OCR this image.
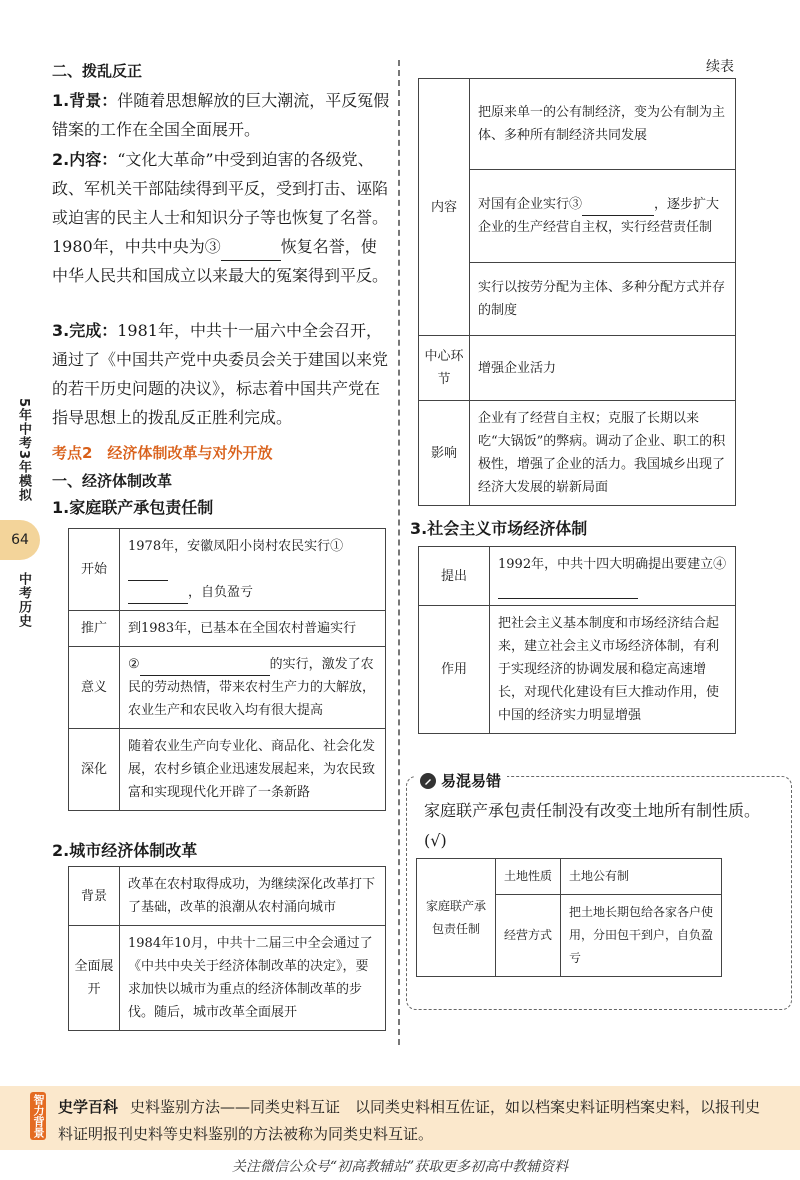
二、拨乱反正
1.背景：伴随着思想解放的巨大潮流，平反冤假错案的工作在全国全面展开。
2.内容：“文化大革命”中受到迫害的各级党、政、军机关干部陆续得到平反，受到打击、诬陷或迫害的民主人士和知识分子等也恢复了名誉。1980年，中共中央为③	恢复名誉，使中华人民共和国成立以来最大的冤案得到平反。
3.完成：1981年，中共十一届六中全会召开，通过了《中国共产党中央委员会关于建国以来党的若干历史问题的决议》，标志着中国共产党在指导思想上的拨乱反正胜利完成。
考点2　经济体制改革与对外开放
一、经济体制改革
1.家庭联产承包责任制
开始	1978年，安徽凤阳小岗村农民实行①
，自负盈亏
推广	到1983年，已基本在全国农村普遍实行
意义	② 的实行，激发了农民的劳动热情，带来农村生产力的大解放，农业生产和农民收入均有很大提高
深化	随着农业生产向专业化、商品化、社会化发展，农村乡镇企业迅速发展起来，为农民致富和实现现代化开辟了一条新路
2.城市经济体制改革
背景	改革在农村取得成功，为继续深化改革打下了基础，改革的浪潮从农村涌向城市
全面展开	1984年10月，中共十二届三中全会通过了《中共中央关于经济体制改革的决定》，要求加快以城市为重点的经济体制改革的步伐。随后，城市改革全面展开
5年中考3年模拟
64
中考历史
续表
内容	把原来单一的公有制经济，变为公有制为主体、多种所有制经济共同发展
	对国有企业实行③ ，逐步扩大企业的生产经营自主权，实行经营责任制
	实行以按劳分配为主体、多种分配方式并存的制度
中心环节	增强企业活力
影响	企业有了经营自主权；克服了长期以来吃“大锅饭”的弊病。调动了企业、职工的积极性，增强了企业的活力。我国城乡出现了经济大发展的崭新局面
3.社会主义市场经济体制
提出	1992年，中共十四大明确提出要建立④
作用	把社会主义基本制度和市场经济结合起来，建立社会主义市场经济体制，有利于实现经济的协调发展和稳定高速增长，对现代化建设有巨大推动作用，使中国的经济实力明显增强
易混易错
家庭联产承包责任制没有改变土地所有制性质。(√)
家庭联产承包责任制	土地性质	土地公有制
	经营方式	把土地长期包给各家各户使用，分田包干到户，自负盈亏
智力背景 史学百科 史料鉴别方法——同类史料互证　以同类史料相互佐证，如以档案史料证明档案史料，以报刊史料证明报刊史料等史料鉴别的方法被称为同类史料互证。
关注微信公众号“初高教辅站”获取更多初高中教辅资料
